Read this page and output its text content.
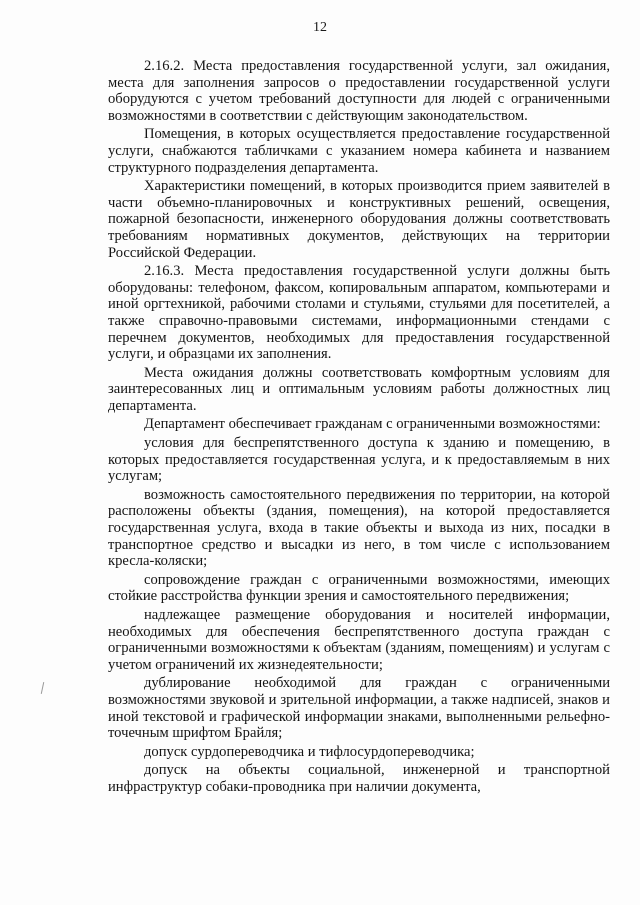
12

2.16.2. Места предоставления государственной услуги, зал ожидания, места для заполнения запросов о предоставлении государственной услуги оборудуются с учетом требований доступности для людей с ограниченными возможностями в соответствии с действующим законодательством.

Помещения, в которых осуществляется предоставление государственной услуги, снабжаются табличками с указанием номера кабинета и названием структурного подразделения департамента.

Характеристики помещений, в которых производится прием заявителей в части объемно-планировочных и конструктивных решений, освещения, пожарной безопасности, инженерного оборудования должны соответствовать требованиям нормативных документов, действующих на территории Российской Федерации.

2.16.3. Места предоставления государственной услуги должны быть оборудованы: телефоном, факсом, копировальным аппаратом, компьютерами и иной оргтехникой, рабочими столами и стульями, стульями для посетителей, а также справочно-правовыми системами, информационными стендами с перечнем документов, необходимых для предоставления государственной услуги, и образцами их заполнения.

Места ожидания должны соответствовать комфортным условиям для заинтересованных лиц и оптимальным условиям работы должностных лиц департамента.

Департамент обеспечивает гражданам с ограниченными возможностями:

условия для беспрепятственного доступа к зданию и помещению, в которых предоставляется государственная услуга, и к предоставляемым в них услугам;

возможность самостоятельного передвижения по территории, на которой расположены объекты (здания, помещения), на которой предоставляется государственная услуга, входа в такие объекты и выхода из них, посадки в транспортное средство и высадки из него, в том числе с использованием кресла-коляски;

сопровождение граждан с ограниченными возможностями, имеющих стойкие расстройства функции зрения и самостоятельного передвижения;

надлежащее размещение оборудования и носителей информации, необходимых для обеспечения беспрепятственного доступа граждан с ограниченными возможностями к объектам (зданиям, помещениям) и услугам с учетом ограничений их жизнедеятельности;

дублирование необходимой для граждан с ограниченными возможностями звуковой и зрительной информации, а также надписей, знаков и иной текстовой и графической информации знаками, выполненными рельефно-точечным шрифтом Брайля;

допуск сурдопереводчика и тифлосурдопереводчика;

допуск на объекты социальной, инженерной и транспортной инфраструктур собаки-проводника при наличии документа,
